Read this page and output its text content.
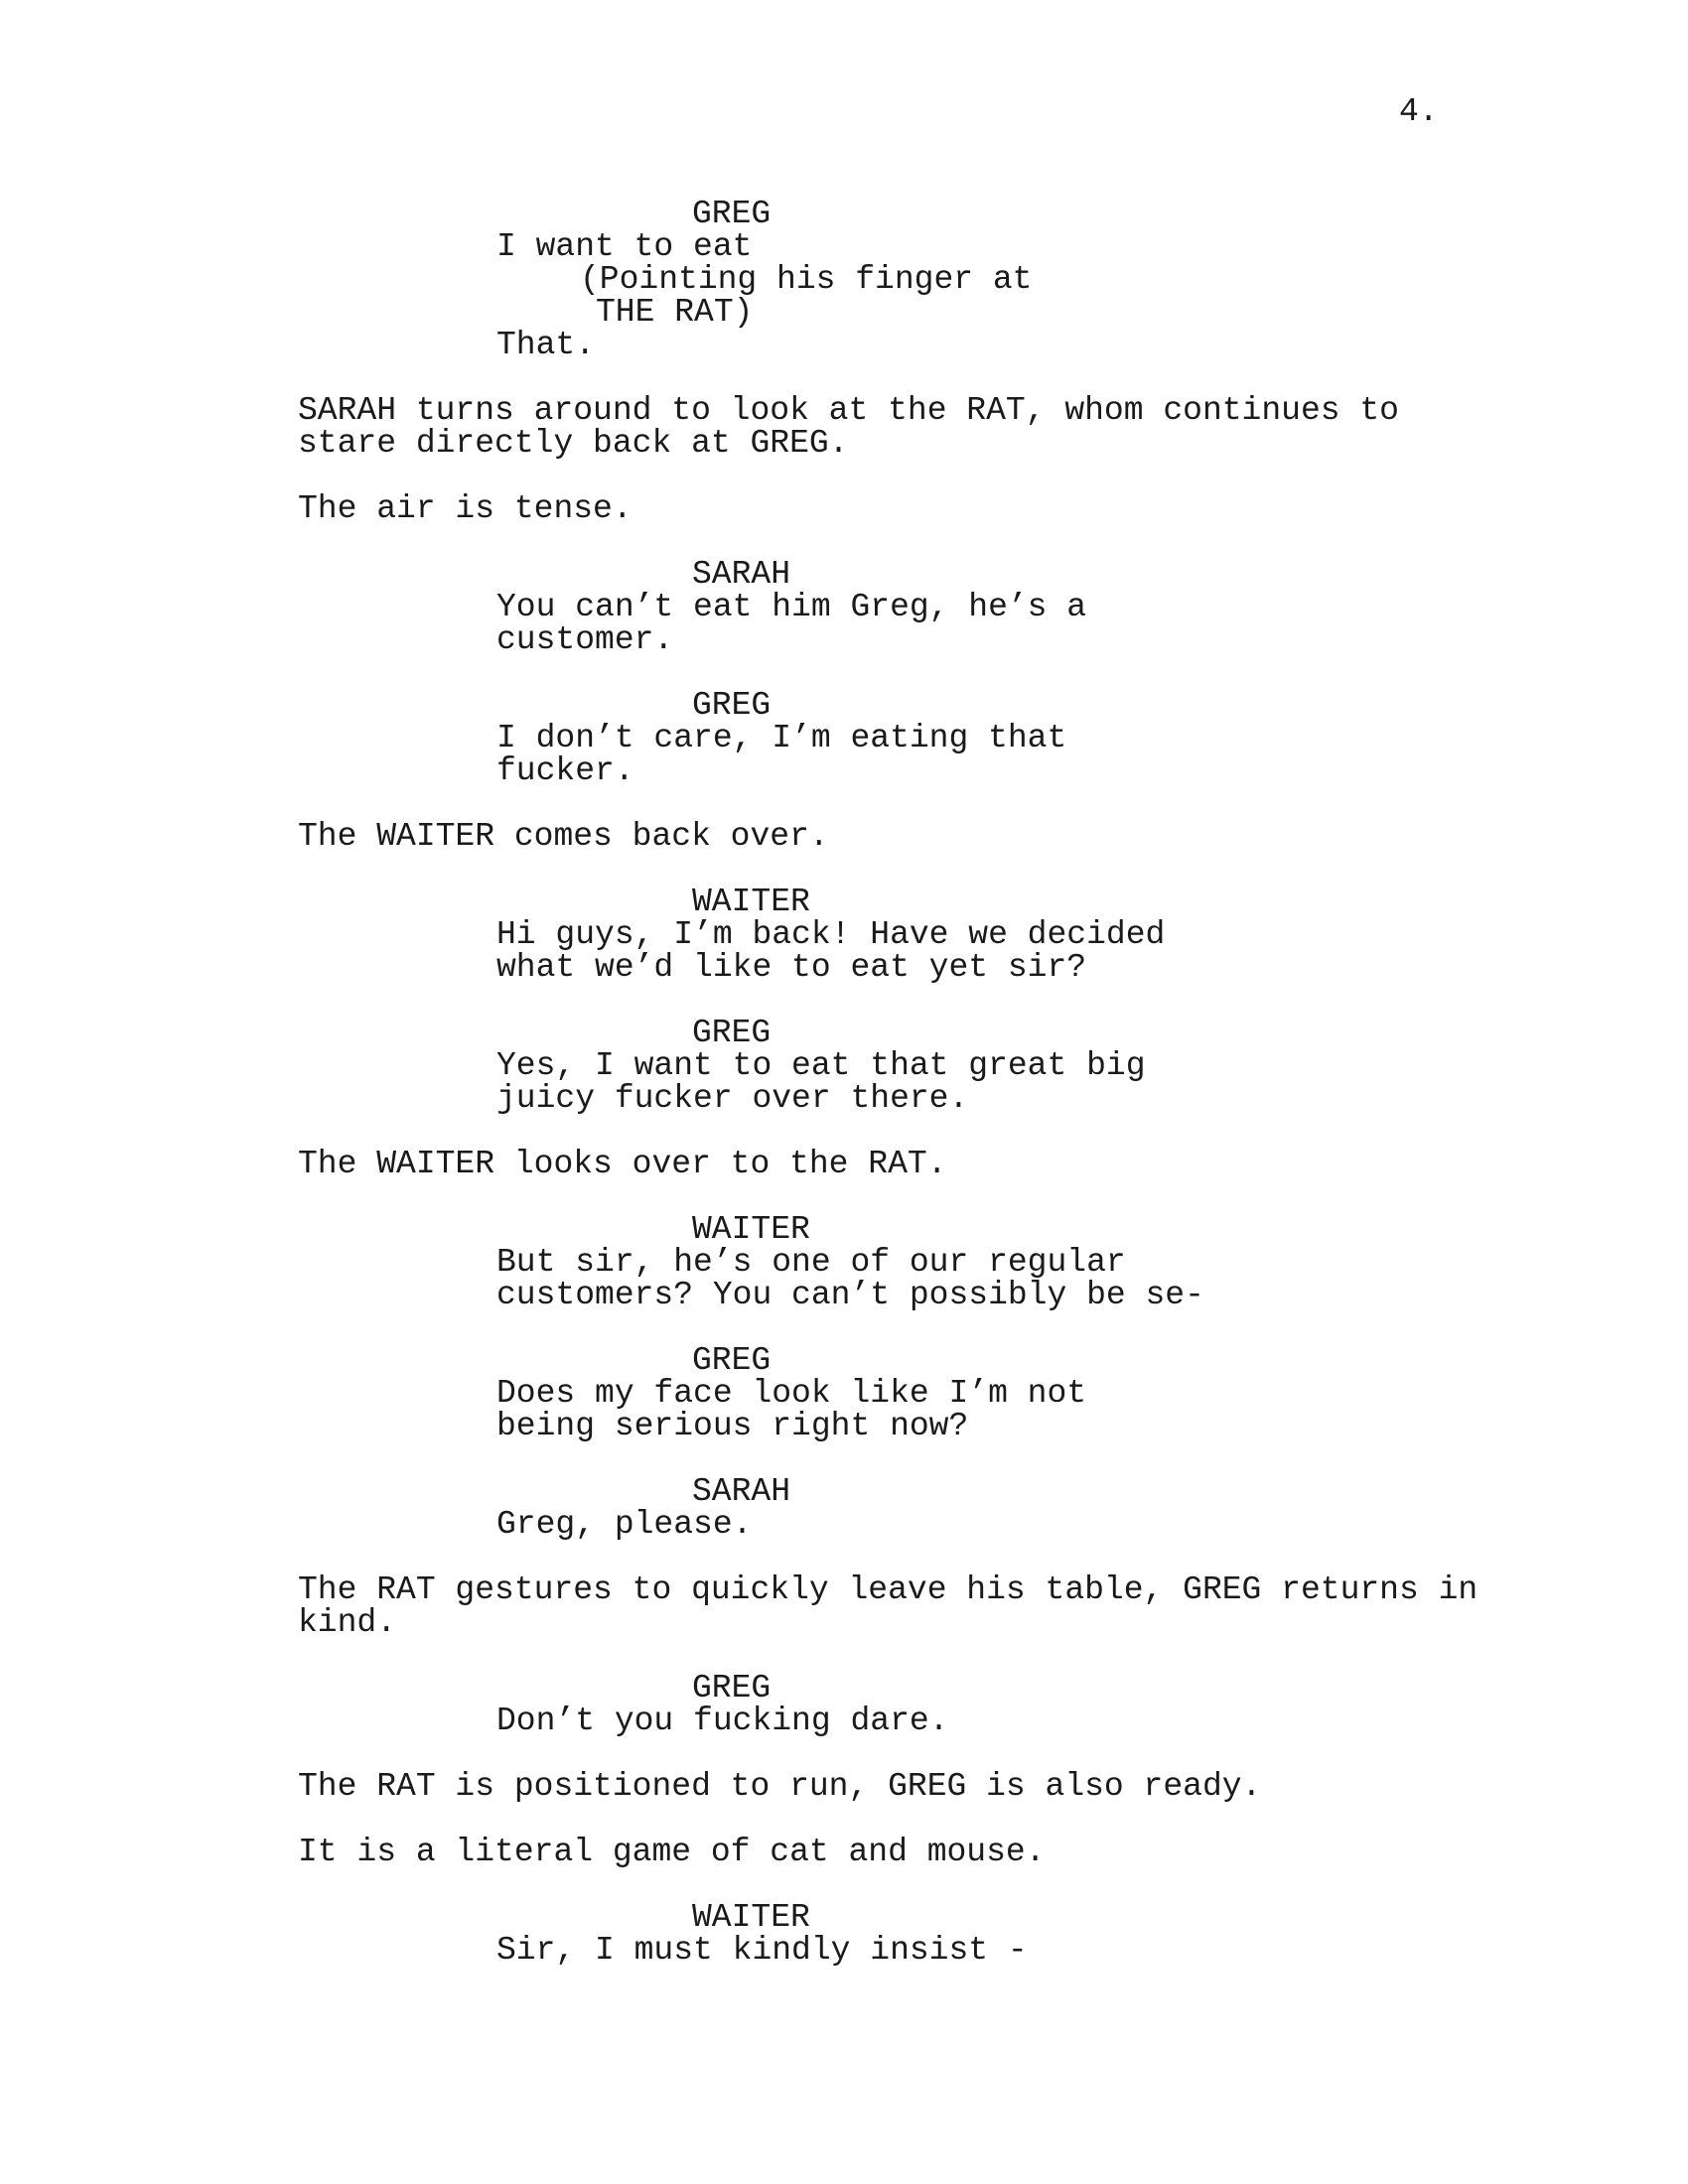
4.
GREG
I want to eat
(Pointing his finger at
THE RAT)
That.
SARAH turns around to look at the RAT, whom continues to
stare directly back at GREG.
The air is tense.
SARAH
You can’t eat him Greg, he’s a
customer.
GREG
I don’t care, I’m eating that
fucker.
The WAITER comes back over.
WAITER
Hi guys, I’m back! Have we decided
what we’d like to eat yet sir?
GREG
Yes, I want to eat that great big
juicy fucker over there.
The WAITER looks over to the RAT.
WAITER
But sir, he’s one of our regular
customers? You can’t possibly be se-
GREG
Does my face look like I’m not
being serious right now?
SARAH
Greg, please.
The RAT gestures to quickly leave his table, GREG returns in
kind.
GREG
Don’t you fucking dare.
The RAT is positioned to run, GREG is also ready.
It is a literal game of cat and mouse.
WAITER
Sir, I must kindly insist -
